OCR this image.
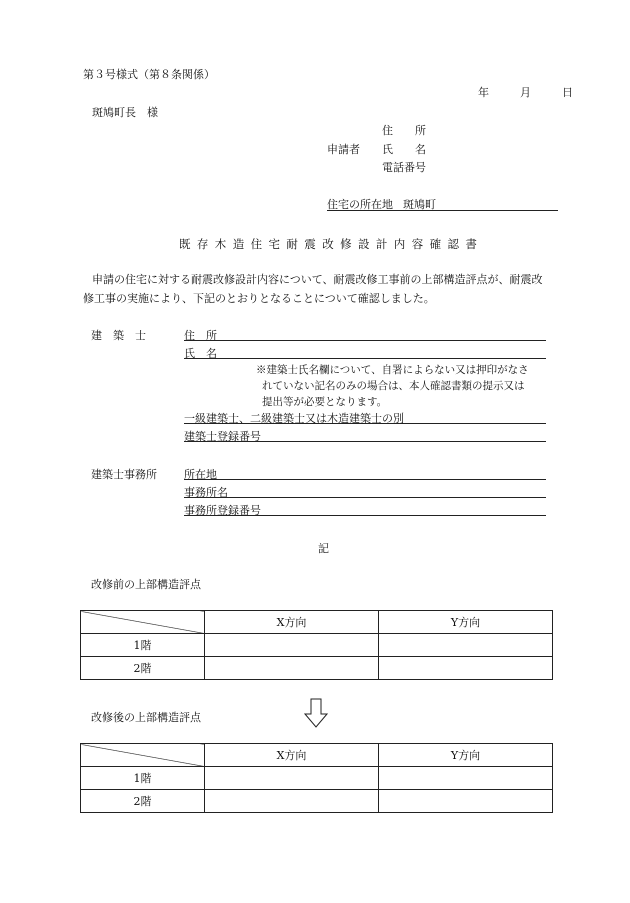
第３号様式（第８条関係）
年	月	日
斑鳩町長　様
住　　所
申請者 氏　　名
電話番号
住宅の所在地 斑鳩町
既存木造住宅耐震改修設計内容確認書
申請の住宅に対する耐震改修設計内容について、耐震改修工事前の上部構造評点が、耐震改
修工事の実施により、下記のとおりとなることについて確認しました。
建　築　士	住　所
氏　名
※建築士氏名欄について、自署によらない又は押印がなさ
れていない記名のみの場合は、本人確認書類の提示又は
提出等が必要となります。
一級建築士、二級建築士又は木造建築士の別
建築士登録番号
建築士事務所 所在地
事務所名
事務所登録番号
記
改修前の上部構造評点
	X方向	Y方向
1階		
2階		
改修後の上部構造評点
	X方向	Y方向
1階		
2階		
